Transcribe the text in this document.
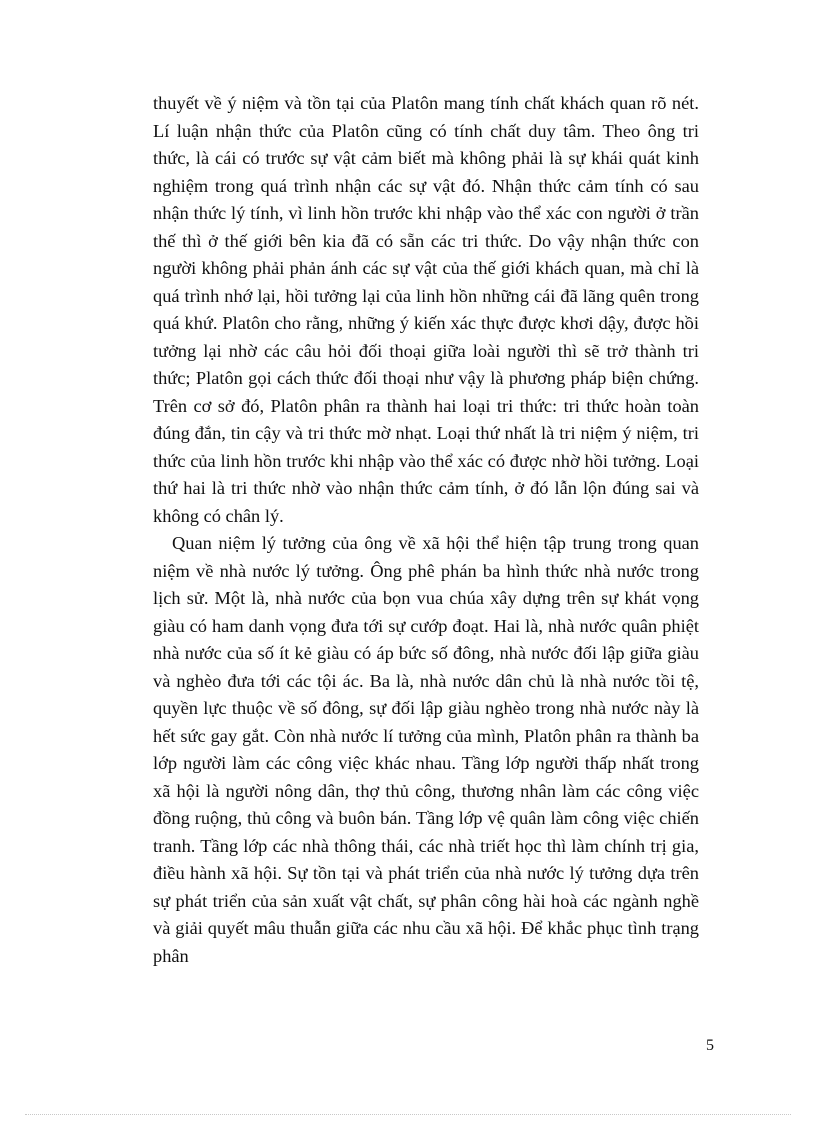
thuyết về ý niệm và tồn tại của Platôn mang tính chất khách quan rõ nét. Lí luận nhận thức của Platôn cũng có tính chất duy tâm. Theo ông tri thức, là cái có trước sự vật cảm biết mà không phải là sự khái quát kinh nghiệm trong quá trình nhận các sự vật đó. Nhận thức cảm tính có sau nhận thức lý tính, vì linh hồn trước khi nhập vào thể xác con người ở trần thế thì ở thế giới bên kia đã có sẵn các tri thức. Do vậy nhận thức con người không phải phản ánh các sự vật của thế giới khách quan, mà chỉ là quá trình nhớ lại, hồi tưởng lại của linh hồn những cái đã lãng quên trong quá khứ. Platôn cho rằng, những ý kiến xác thực được khơi dậy, được hồi tưởng lại nhờ các câu hỏi đối thoại giữa loài người thì sẽ trở thành tri thức; Platôn gọi cách thức đối thoại như vậy là phương pháp biện chứng. Trên cơ sở đó, Platôn phân ra thành hai loại tri thức: tri thức hoàn toàn đúng đắn, tin cậy và tri thức mờ nhạt. Loại thứ nhất là tri niệm ý niệm, tri thức của linh hồn trước khi nhập vào thể xác có được nhờ hồi tưởng. Loại thứ hai là tri thức nhờ vào nhận thức cảm tính, ở đó lẫn lộn đúng sai và không có chân lý.

Quan niệm lý tưởng của ông về xã hội thể hiện tập trung trong quan niệm về nhà nước lý tưởng. Ông phê phán ba hình thức nhà nước trong lịch sử. Một là, nhà nước của bọn vua chúa xây dựng trên sự khát vọng giàu có ham danh vọng đưa tới sự cướp đoạt. Hai là, nhà nước quân phiệt nhà nước của số ít kẻ giàu có áp bức số đông, nhà nước đối lập giữa giàu và nghèo đưa tới các tội ác. Ba là, nhà nước dân chủ là nhà nước tồi tệ, quyền lực thuộc về số đông, sự đối lập giàu nghèo trong nhà nước này là hết sức gay gắt. Còn nhà nước lí tưởng của mình, Platôn phân ra thành ba lớp người làm các công việc khác nhau. Tầng lớp người thấp nhất trong xã hội là người nông dân, thợ thủ công, thương nhân làm các công việc đồng ruộng, thủ công và buôn bán. Tầng lớp vệ quân làm công việc chiến tranh. Tầng lớp các nhà thông thái, các nhà triết học thì làm chính trị gia, điều hành xã hội. Sự tồn tại và phát triển của nhà nước lý tưởng dựa trên sự phát triển của sản xuất vật chất, sự phân công hài hoà các ngành nghề và giải quyết mâu thuẫn giữa các nhu cầu xã hội. Để khắc phục tình trạng phân

5
